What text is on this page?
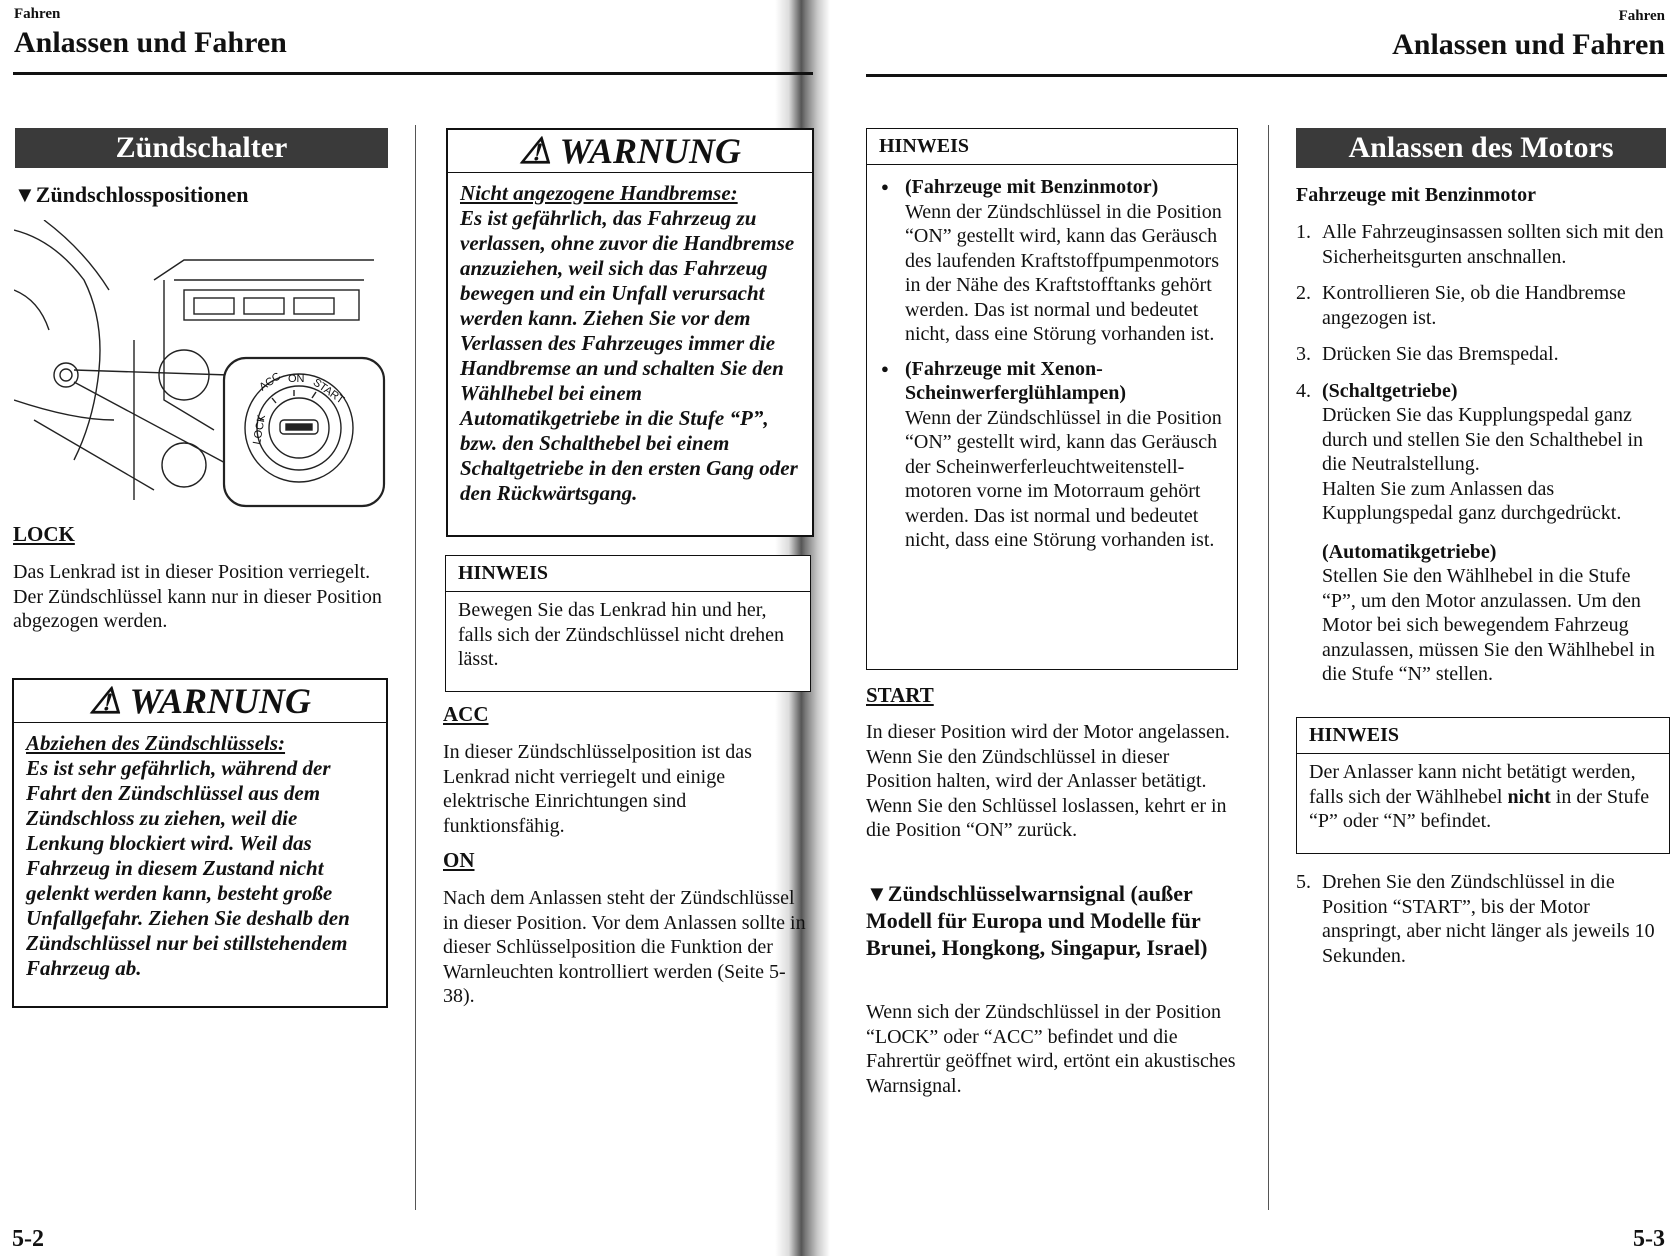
Fahren
Anlassen und Fahren
Zündschalter
▼Zündschlosspositionen
ACC ON START
LOCK
LOCK
Das Lenkrad ist in dieser Position verriegelt. Der Zündschlüssel kann nur in dieser Position abgezogen werden.
⚠ WARNUNG
Abziehen des Zündschlüssels:
Es ist sehr gefährlich, während der Fahrt den Zündschlüssel aus dem Zündschloss zu ziehen, weil die Lenkung blockiert wird. Weil das Fahrzeug in diesem Zustand nicht gelenkt werden kann, besteht große Unfallgefahr. Ziehen Sie deshalb den Zündschlüssel nur bei stillstehendem Fahrzeug ab.
⚠ WARNUNG
Nicht angezogene Handbremse:
Es ist gefährlich, das Fahrzeug zu verlassen, ohne zuvor die Handbremse anzuziehen, weil sich das Fahrzeug bewegen und ein Unfall verursacht werden kann. Ziehen Sie vor dem Verlassen des Fahrzeuges immer die Handbremse an und schalten Sie den Wählhebel bei einem Automatikgetriebe in die Stufe “P”, bzw. den Schalthebel bei einem Schaltgetriebe in den ersten Gang oder den Rückwärtsgang.
HINWEIS
Bewegen Sie das Lenkrad hin und her, falls sich der Zündschlüssel nicht drehen lässt.
ACC
In dieser Zündschlüsselposition ist das Lenkrad nicht verriegelt und einige elektrische Einrichtungen sind funktionsfähig.
ON
Nach dem Anlassen steht der Zündschlüssel in dieser Position. Vor dem Anlassen sollte in dieser Schlüsselposition die Funktion der Warnleuchten kontrolliert werden (Seite 5-38).
5-2
Fahren
Anlassen und Fahren
HINWEIS
● (Fahrzeuge mit Benzinmotor)
Wenn der Zündschlüssel in die Position “ON” gestellt wird, kann das Geräusch des laufenden Kraftstoffpumpenmotors in der Nähe des Kraftstofftanks gehört werden. Das ist normal und bedeutet nicht, dass eine Störung vorhanden ist.
● (Fahrzeuge mit Xenon-Scheinwerferglühlampen)
Wenn der Zündschlüssel in die Position “ON” gestellt wird, kann das Geräusch der Scheinwerferleuchtweitenstell-motoren vorne im Motorraum gehört werden. Das ist normal und bedeutet nicht, dass eine Störung vorhanden ist.
START
In dieser Position wird der Motor angelassen. Wenn Sie den Zündschlüssel in dieser Position halten, wird der Anlasser betätigt. Wenn Sie den Schlüssel loslassen, kehrt er in die Position “ON” zurück.
▼Zündschlüsselwarnsignal (außer Modell für Europa und Modelle für Brunei, Hongkong, Singapur, Israel)
Wenn sich der Zündschlüssel in der Position “LOCK” oder “ACC” befindet und die Fahrertür geöffnet wird, ertönt ein akustisches Warnsignal.
Anlassen des Motors
Fahrzeuge mit Benzinmotor
1. Alle Fahrzeuginsassen sollten sich mit den Sicherheitsgurten anschnallen.
2. Kontrollieren Sie, ob die Handbremse angezogen ist.
3. Drücken Sie das Bremspedal.
4. (Schaltgetriebe)
Drücken Sie das Kupplungspedal ganz durch und stellen Sie den Schalthebel in die Neutralstellung.
Halten Sie zum Anlassen das Kupplungspedal ganz durchgedrückt.
(Automatikgetriebe)
Stellen Sie den Wählhebel in die Stufe “P”, um den Motor anzulassen. Um den Motor bei sich bewegendem Fahrzeug anzulassen, müssen Sie den Wählhebel in die Stufe “N” stellen.
HINWEIS
Der Anlasser kann nicht betätigt werden, falls sich der Wählhebel nicht in der Stufe “P” oder “N” befindet.
5. Drehen Sie den Zündschlüssel in die Position “START”, bis der Motor anspringt, aber nicht länger als jeweils 10 Sekunden.
5-3
